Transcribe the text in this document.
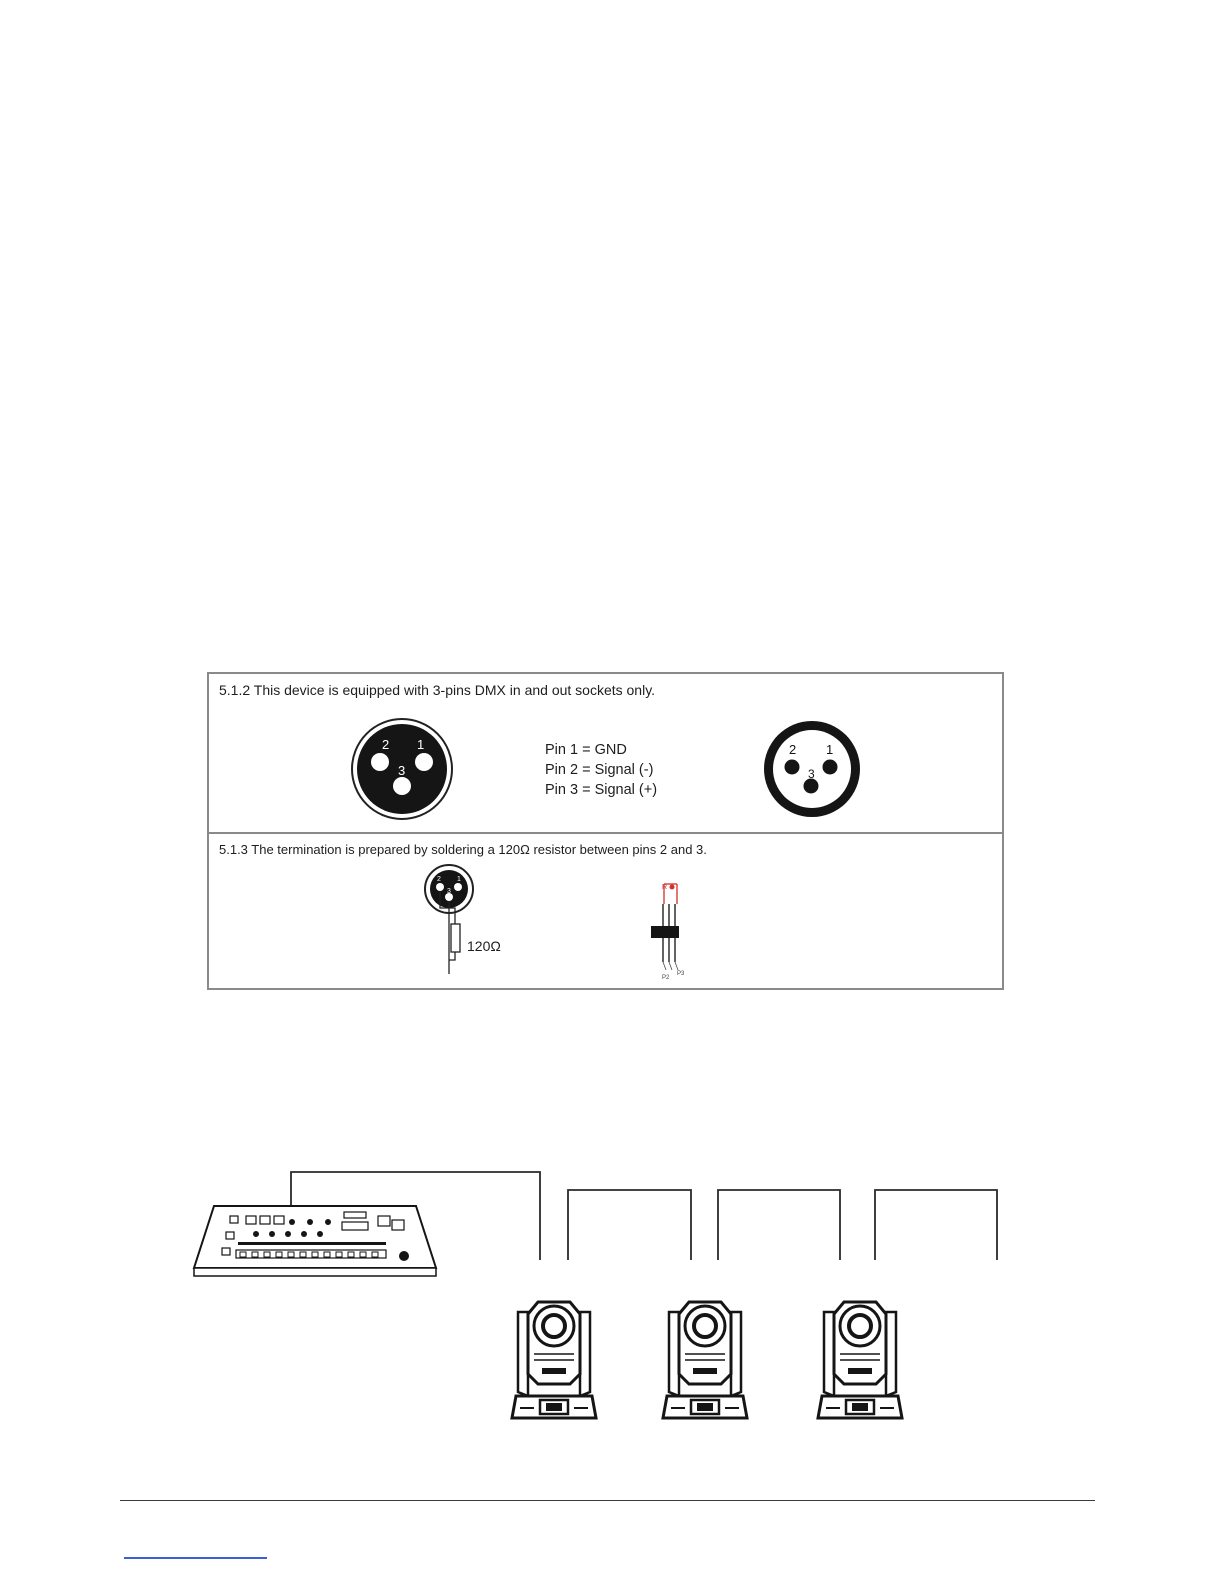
5.1.2 This device is equipped with 3-pins DMX in and out sockets only.
2 1
3
Pin 1 = GND
Pin 2 = Signal (-)
Pin 3 = Signal (+)
2 1
3
5.1.3 The termination is prepared by soldering a 120Ω resistor between pins 2 and 3.
2 1
3
120Ω
R
P2
P3
